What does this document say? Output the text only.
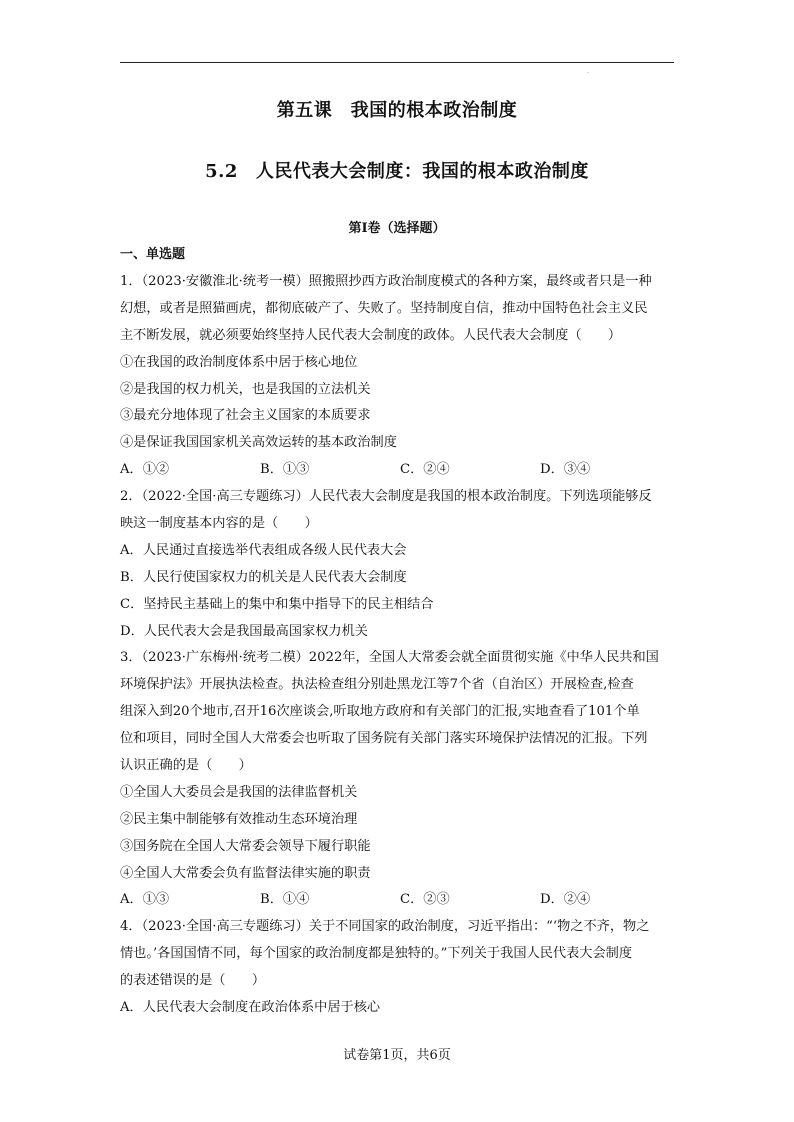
·
第五课　我国的根本政治制度
5.2 人民代表大会制度：我国的根本政治制度
第I卷（选择题）
一、单选题
1．（2023·安徽淮北·统考一模）照搬照抄西方政治制度模式的各种方案，最终或者只是一种
幻想，或者是照猫画虎，都彻底破产了、失败了。坚持制度自信，推动中国特色社会主义民
主不断发展，就必须要始终坚持人民代表大会制度的政体。人民代表大会制度（　　）
①在我国的政治制度体系中居于核心地位
②是我国的权力机关，也是我国的立法机关
③最充分地体现了社会主义国家的本质要求
④是保证我国国家机关高效运转的基本政治制度
A．①②	B．①③	C．②④	D．③④
2．（2022·全国·高三专题练习）人民代表大会制度是我国的根本政治制度。下列选项能够反
映这一制度基本内容的是（　　）
A．人民通过直接选举代表组成各级人民代表大会
B．人民行使国家权力的机关是人民代表大会制度
C．坚持民主基础上的集中和集中指导下的民主相结合
D．人民代表大会是我国最高国家权力机关
3．（2023·广东梅州·统考二模）2022年，全国人大常委会就全面贯彻实施《中华人民共和国
环境保护法》开展执法检查。执法检查组分别赴黑龙江等7个省（自治区）开展检查,检查
组深入到20个地市,召开16次座谈会,听取地方政府和有关部门的汇报,实地查看了101个单
位和项目，同时全国人大常委会也听取了国务院有关部门落实环境保护法情况的汇报。下列
认识正确的是（　　）
①全国人大委员会是我国的法律监督机关
②民主集中制能够有效推动生态环境治理
③国务院在全国人大常委会领导下履行职能
④全国人大常委会负有监督法律实施的职责
A．①③	B．①④	C．②③	D．②④
4．（2023·全国·高三专题练习）关于不同国家的政治制度，习近平指出：“‘物之不齐，物之
情也。’各国国情不同，每个国家的政治制度都是独特的。”下列关于我国人民代表大会制度
的表述错误的是（　　）
A．人民代表大会制度在政治体系中居于核心
试卷第1页，共6页
